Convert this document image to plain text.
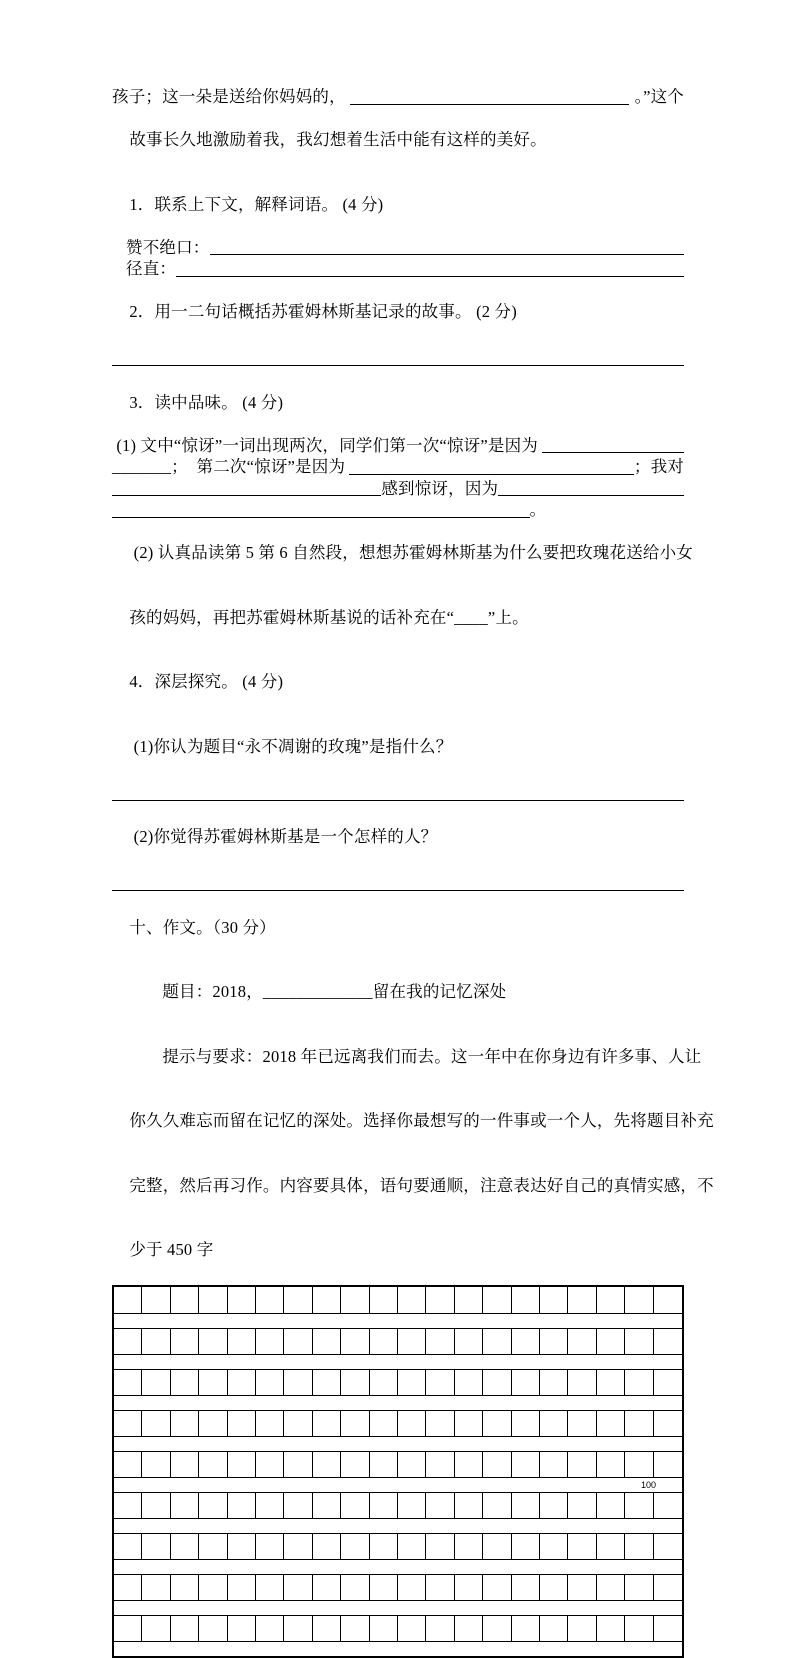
孩子；这一朵是送给你妈妈的，	。”这个

故事长久地激励着我，我幻想着生活中能有这样的美好。

1．联系上下文，解释词语。 (4 分)

赞不绝口：
径直：

2．用一二句话概括苏霍姆林斯基记录的故事。 (2 分)

3．读中品味。 (4 分)

(1) 文中“惊讶”一词出现两次，同学们第一次“惊讶”是因为
_______；  第二次“惊讶”是因为	；我对
感到惊讶，因为
。

(2) 认真品读第 5 第 6 自然段，想想苏霍姆林斯基为什么要把玫瑰花送给小女

孩的妈妈，再把苏霍姆林斯基说的话补充在“____”上。

4．深层探究。 (4 分)

(1)你认为题目“永不凋谢的玫瑰”是指什么？

(2)你觉得苏霍姆林斯基是一个怎样的人？

十、作文。（30 分）

题目：2018，_____________留在我的记忆深处

提示与要求：2018 年已远离我们而去。这一年中在你身边有许多事、人让

你久久难忘而留在记忆的深处。选择你最想写的一件事或一个人，先将题目补充

完整，然后再习作。内容要具体，语句要通顺，注意表达好自己的真情实感，不

少于 450 字

100
